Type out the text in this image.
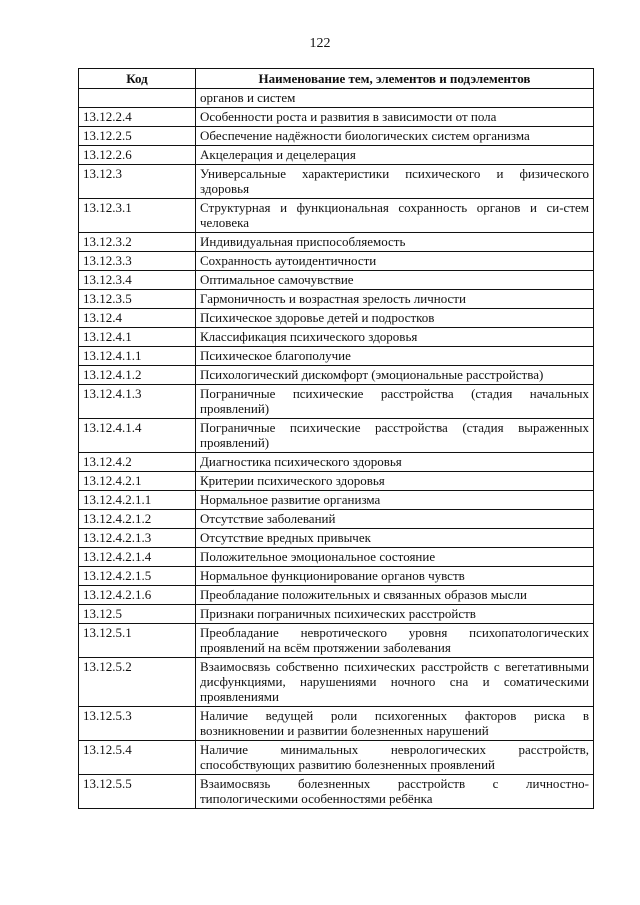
122
Код	Наименование тем, элементов и подэлементов
	органов и систем
13.12.2.4	Особенности роста и развития в зависимости от пола
13.12.2.5	Обеспечение надёжности биологических систем организма
13.12.2.6	Акцелерация и децелерация
13.12.3	Универсальные характеристики психического и физического здоровья
13.12.3.1	Структурная и функциональная сохранность органов и си-стем человека
13.12.3.2	Индивидуальная приспособляемость
13.12.3.3	Сохранность аутоидентичности
13.12.3.4	Оптимальное самочувствие
13.12.3.5	Гармоничность и возрастная зрелость личности
13.12.4	Психическое здоровье детей и подростков
13.12.4.1	Классификация психического здоровья
13.12.4.1.1	Психическое благополучие
13.12.4.1.2	Психологический дискомфорт (эмоциональные расстройства)
13.12.4.1.3	Пограничные психические расстройства (стадия начальных проявлений)
13.12.4.1.4	Пограничные психические расстройства (стадия выраженных проявлений)
13.12.4.2	Диагностика психического здоровья
13.12.4.2.1	Критерии психического здоровья
13.12.4.2.1.1	Нормальное развитие организма
13.12.4.2.1.2	Отсутствие заболеваний
13.12.4.2.1.3	Отсутствие вредных привычек
13.12.4.2.1.4	Положительное эмоциональное состояние
13.12.4.2.1.5	Нормальное функционирование органов чувств
13.12.4.2.1.6	Преобладание положительных и связанных образов мысли
13.12.5	Признаки пограничных психических расстройств
13.12.5.1	Преобладание невротического уровня психопатологических проявлений на всём протяжении заболевания
13.12.5.2	Взаимосвязь собственно психических расстройств с вегетативными дисфункциями, нарушениями ночного сна и соматическими проявлениями
13.12.5.3	Наличие ведущей роли психогенных факторов риска в возникновении и развитии болезненных нарушений
13.12.5.4	Наличие минимальных неврологических расстройств, способствующих развитию болезненных проявлений
13.12.5.5	Взаимосвязь болезненных расстройств с личностно-типологическими особенностями ребёнка
